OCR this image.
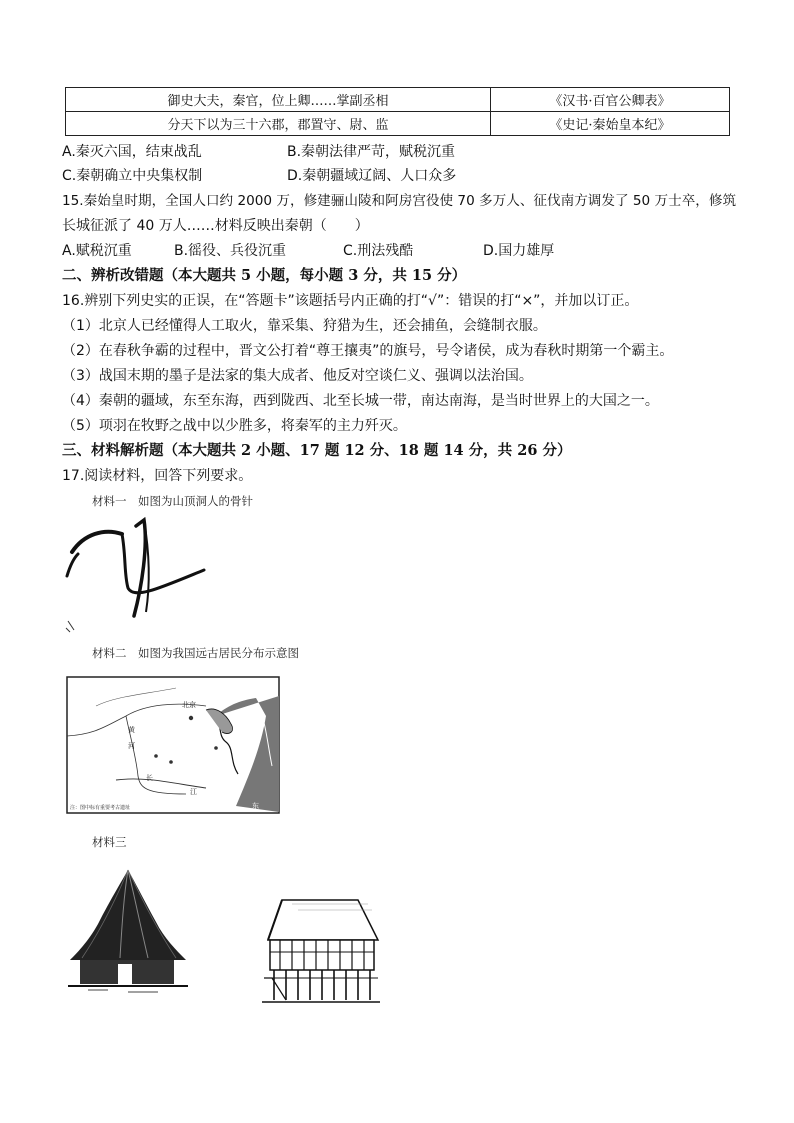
御史大夫，秦官，位上卿……掌副丞相	《汉书·百官公卿表》
分天下以为三十六郡，郡置守、尉、监	《史记·秦始皇本纪》
A.秦灭六国，结束战乱	B.秦朝法律严苛，赋税沉重
C.秦朝确立中央集权制	D.秦朝疆域辽阔、人口众多
15.秦始皇时期，全国人口约 2000 万，修建骊山陵和阿房宫役使 70 多万人、征伐南方调发了 50 万士卒，修筑
长城征派了 40 万人……材料反映出秦朝（　　）
A.赋税沉重	B.徭役、兵役沉重	C.刑法残酷	D.国力雄厚
二、辨析改错题（本大题共 5 小题，每小题 3 分，共 15 分）
16.辨别下列史实的正误，在“答题卡”该题括号内正确的打“√”：错误的打“×”，并加以订正。
（1）北京人已经懂得人工取火，靠采集、狩猎为生，还会捕鱼，会缝制衣服。
（2）在春秋争霸的过程中，晋文公打着“尊王攘夷”的旗号，号令诸侯，成为春秋时期第一个霸主。
（3）战国末期的墨子是法家的集大成者、他反对空谈仁义、强调以法治国。
（4）秦朝的疆域，东至东海，西到陇西、北至长城一带，南达南海，是当时世界上的大国之一。
（5）项羽在牧野之战中以少胜多，将秦军的主力歼灭。
三、材料解析题（本大题共 2 小题、17 题 12 分、18 题 14 分，共 26 分）
17.阅读材料，回答下列要求。
材料一　如图为山顶洞人的骨针
材料二　如图为我国远古居民分布示意图
北京
黄
河
长
江
东
注：图中标有重要考古遗址
材料三
